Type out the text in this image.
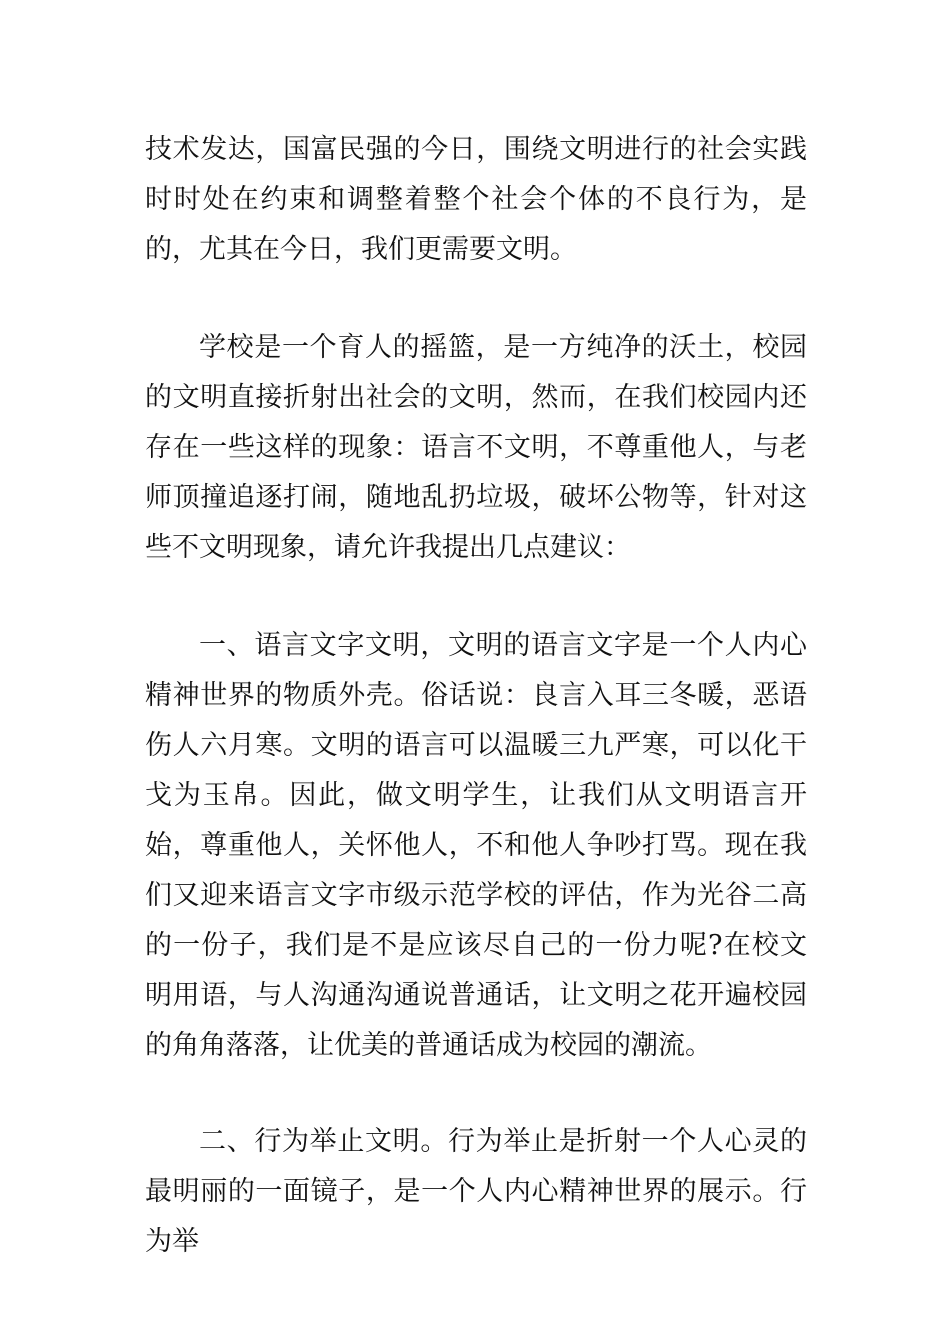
技术发达，国富民强的今日，围绕文明进行的社会实践时时处在约束和调整着整个社会个体的不良行为，是的，尤其在今日，我们更需要文明。

学校是一个育人的摇篮，是一方纯净的沃土，校园的文明直接折射出社会的文明，然而，在我们校园内还存在一些这样的现象：语言不文明，不尊重他人，与老师顶撞追逐打闹，随地乱扔垃圾，破坏公物等，针对这些不文明现象，请允许我提出几点建议：

一、语言文字文明，文明的语言文字是一个人内心精神世界的物质外壳。俗话说：良言入耳三冬暖，恶语伤人六月寒。文明的语言可以温暖三九严寒，可以化干戈为玉帛。因此，做文明学生，让我们从文明语言开始，尊重他人，关怀他人，不和他人争吵打骂。现在我们又迎来语言文字市级示范学校的评估，作为光谷二高的一份子，我们是不是应该尽自己的一份力呢?在校文明用语，与人沟通沟通说普通话，让文明之花开遍校园的角角落落，让优美的普通话成为校园的潮流。

二、行为举止文明。行为举止是折射一个人心灵的最明丽的一面镜子，是一个人内心精神世界的展示。行为举
